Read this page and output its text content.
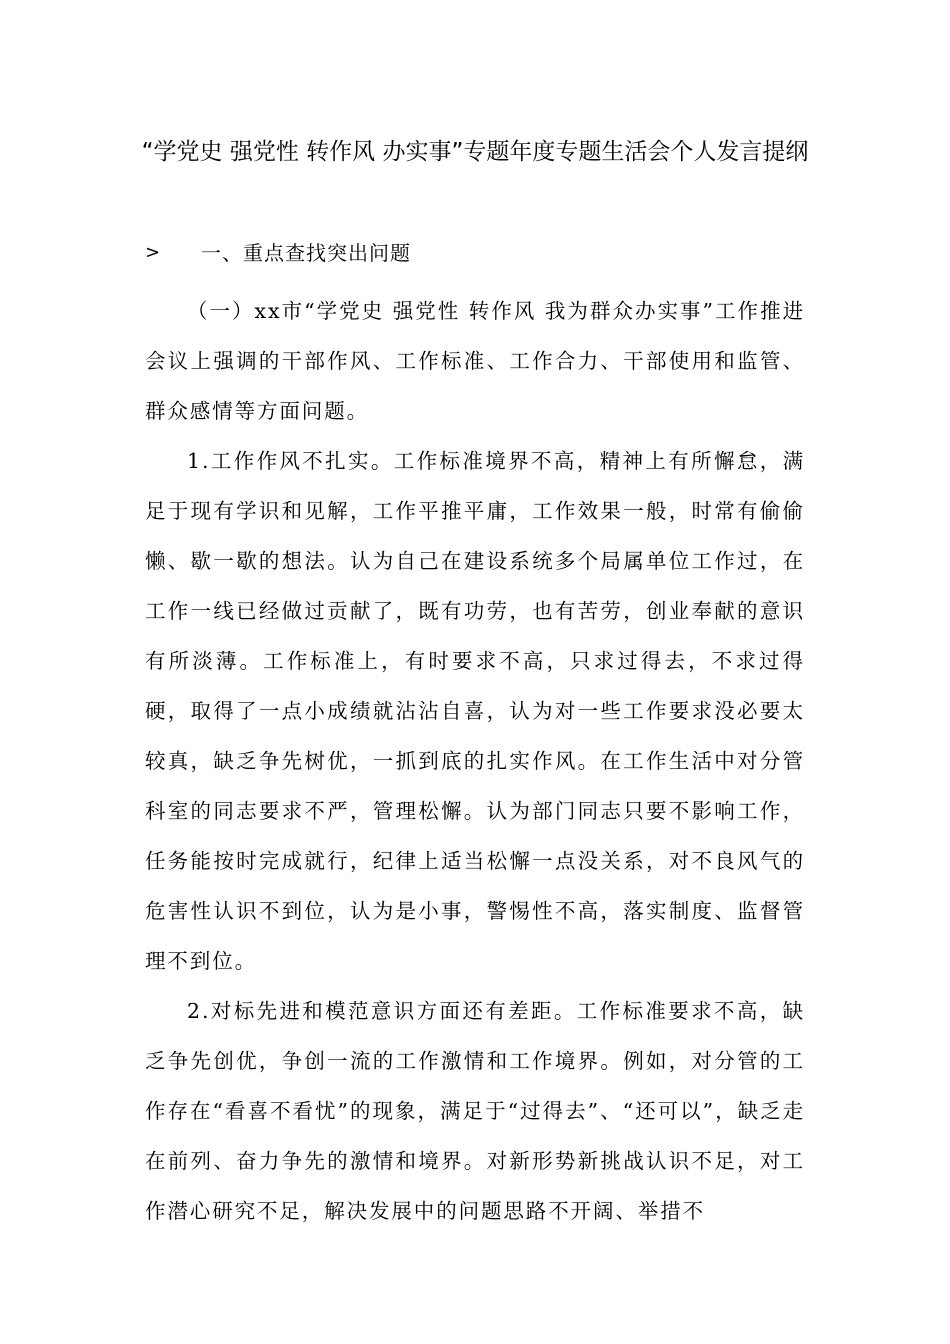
“学党史 强党性 转作风 办实事”专题年度专题生活会个人发言提纲
> 一、重点查找突出问题

（一）xx市“学党史 强党性 转作风 我为群众办实事”工作推进会议上强调的干部作风、工作标准、工作合力、干部使用和监管、群众感情等方面问题。

1.工作作风不扎实。工作标准境界不高，精神上有所懈怠，满足于现有学识和见解，工作平推平庸，工作效果一般，时常有偷偷懒、歇一歇的想法。认为自己在建设系统多个局属单位工作过，在工作一线已经做过贡献了，既有功劳，也有苦劳，创业奉献的意识有所淡薄。工作标准上，有时要求不高，只求过得去，不求过得硬，取得了一点小成绩就沾沾自喜，认为对一些工作要求没必要太较真，缺乏争先树优，一抓到底的扎实作风。在工作生活中对分管科室的同志要求不严，管理松懈。认为部门同志只要不影响工作，任务能按时完成就行，纪律上适当松懈一点没关系，对不良风气的危害性认识不到位，认为是小事，警惕性不高，落实制度、监督管理不到位。

2.对标先进和模范意识方面还有差距。工作标准要求不高，缺乏争先创优，争创一流的工作激情和工作境界。例如，对分管的工作存在“看喜不看忧”的现象，满足于“过得去”、“还可以”，缺乏走在前列、奋力争先的激情和境界。对新形势新挑战认识不足，对工作潜心研究不足，解决发展中的问题思路不开阔、举措不
